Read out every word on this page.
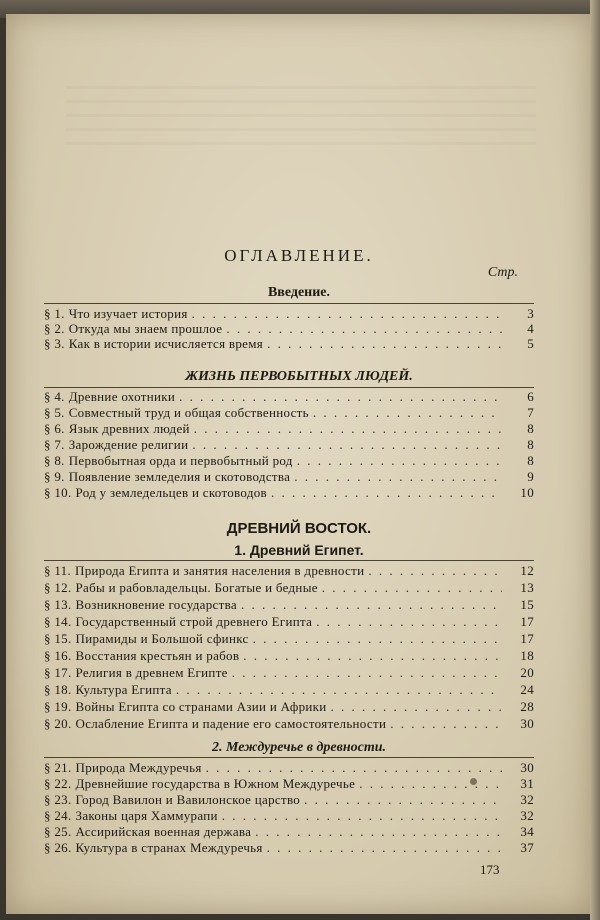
ОГЛАВЛЕНИЕ.
Стр.
Введение.
§ 1. Что изучает история . . .	3
§ 2. Откуда мы знаем прошлое . . .	4
§ 3. Как в истории исчисляется время . . .	5
ЖИЗНЬ ПЕРВОБЫТНЫХ ЛЮДЕЙ.
§ 4. Древние охотники . . .	6
§ 5. Совместный труд и общая собственность . . .	7
§ 6. Язык древних людей . . .	8
§ 7. Зарождение религии . . .	8
§ 8. Первобытная орда и первобытный род . . .	8
§ 9. Появление земледелия и скотоводства . . .	9
§ 10. Род у земледельцев и скотоводов . . .	10
ДРЕВНИЙ ВОСТОК.
1. Древний Египет.
§ 11. Природа Египта и занятия населения в древности . . .	12
§ 12. Рабы и рабовладельцы. Богатые и бедные . . .	13
§ 13. Возникновение государства . . .	15
§ 14. Государственный строй древнего Египта . . .	17
§ 15. Пирамиды и Большой сфинкс . . .	17
§ 16. Восстания крестьян и рабов . . .	18
§ 17. Религия в древнем Египте . . .	20
§ 18. Культура Египта . . .	24
§ 19. Войны Египта со странами Азии и Африки . . .	28
§ 20. Ослабление Египта и падение его самостоятельности . . .	30
2. Междуречье в древности.
§ 21. Природа Междуречья . . .	30
§ 22. Древнейшие государства в Южном Междуречье . . .	31
§ 23. Город Вавилон и Вавилонское царство . . .	32
§ 24. Законы царя Хаммурапи . . .	32
§ 25. Ассирийская военная держава . . .	34
§ 26. Культура в странах Междуречья . . .	37
173
